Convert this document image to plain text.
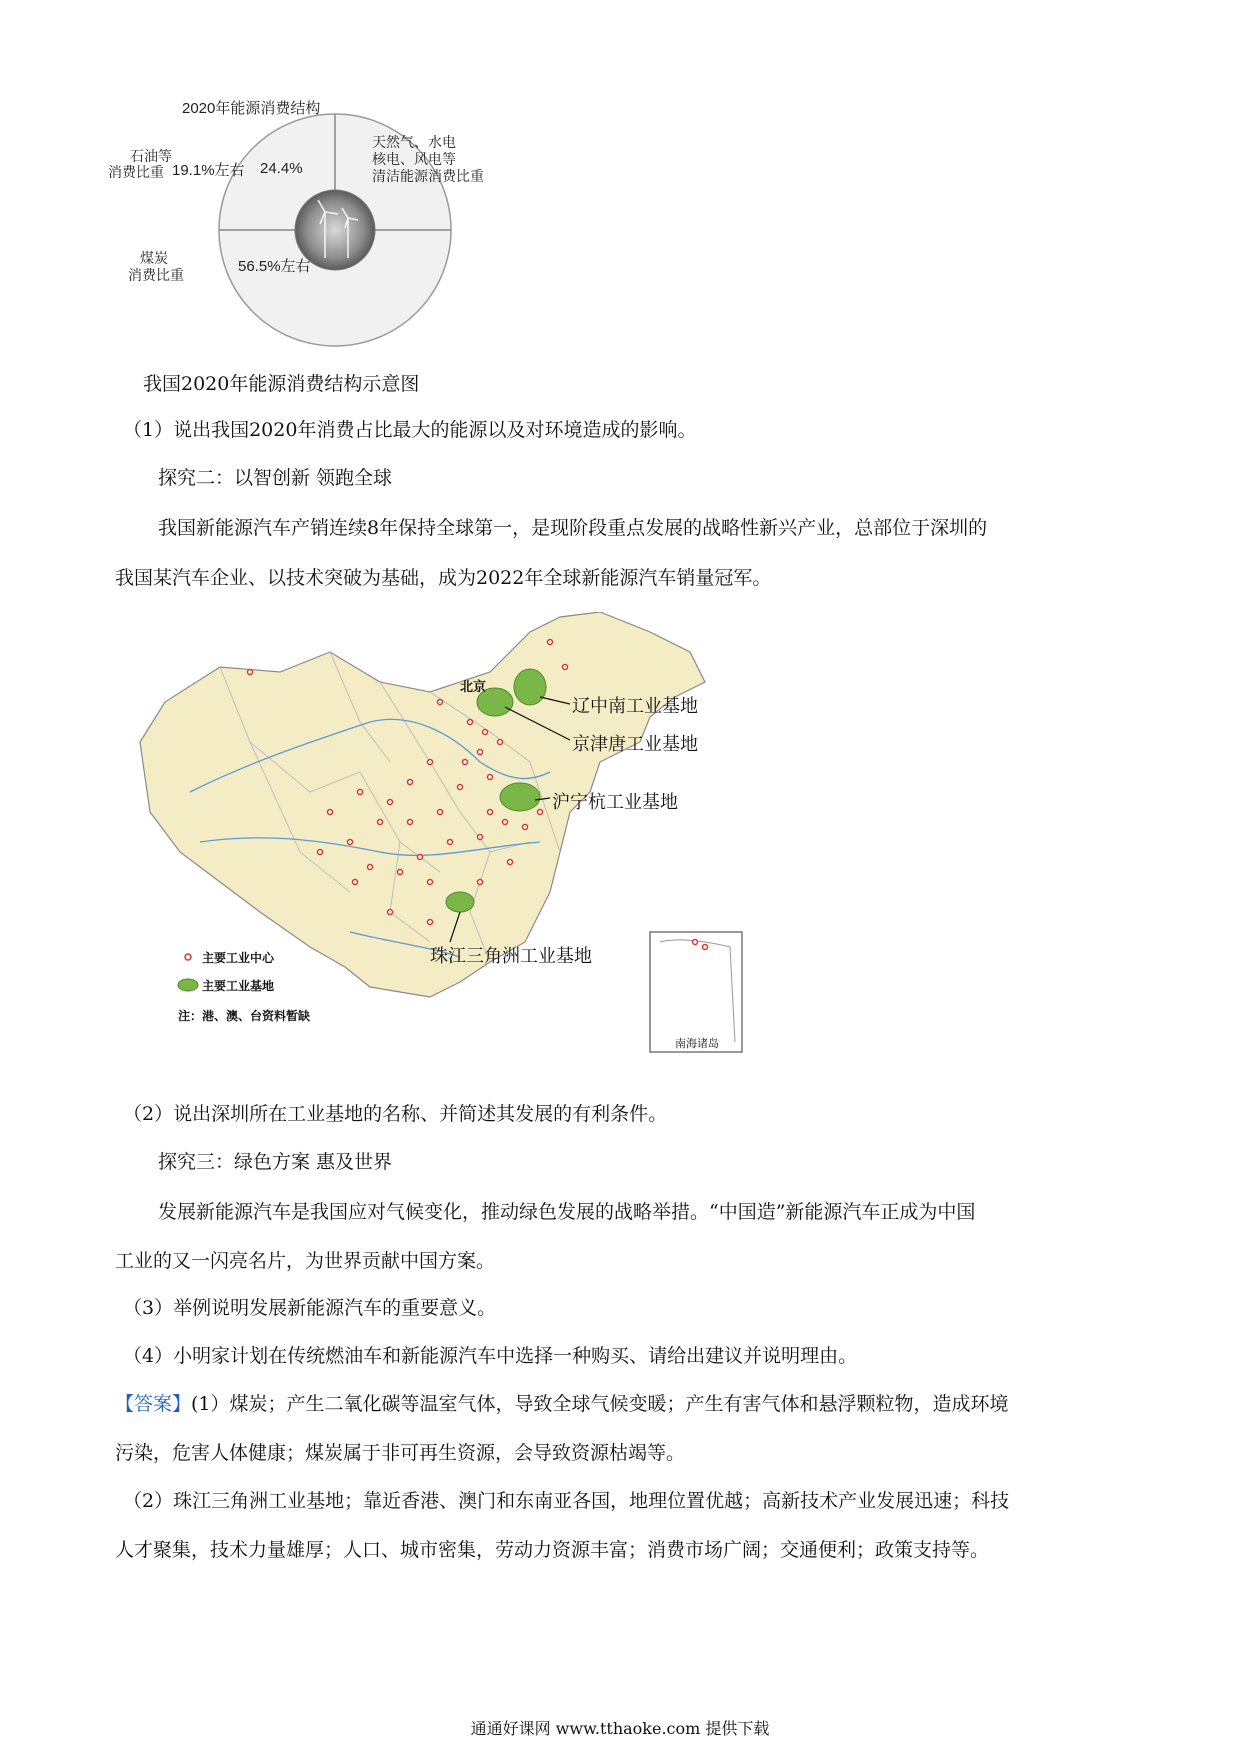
2020年能源消费结构
石油等
消费比重 19.1%左右 24.4%
天然气、水电
核电、风电等
清洁能源消费比重
煤炭
消费比重	56.5%左右
我国2020年能源消费结构示意图
（1）说出我国2020年消费占比最大的能源以及对环境造成的影响。
探究二：以智创新 领跑全球
我国新能源汽车产销连续8年保持全球第一，是现阶段重点发展的战略性新兴产业，总部位于深圳的
我国某汽车企业、以技术突破为基础，成为2022年全球新能源汽车销量冠军。
北京
辽中南工业基地
京津唐工业基地
沪宁杭工业基地
珠江三角洲工业基地
主要工业中心
主要工业基地
注：港、澳、台资料暂缺
南海诸岛
（2）说出深圳所在工业基地的名称、并简述其发展的有利条件。
探究三：绿色方案 惠及世界
发展新能源汽车是我国应对气候变化，推动绿色发展的战略举措。“中国造”新能源汽车正成为中国
工业的又一闪亮名片，为世界贡献中国方案。
（3）举例说明发展新能源汽车的重要意义。
（4）小明家计划在传统燃油车和新能源汽车中选择一种购买、请给出建议并说明理由。
【答案】(1）煤炭；产生二氧化碳等温室气体，导致全球气候变暖；产生有害气体和悬浮颗粒物，造成环境
污染，危害人体健康；煤炭属于非可再生资源，会导致资源枯竭等。
（2）珠江三角洲工业基地；靠近香港、澳门和东南亚各国，地理位置优越；高新技术产业发展迅速；科技
人才聚集，技术力量雄厚；人口、城市密集，劳动力资源丰富；消费市场广阔；交通便利；政策支持等。
通通好课网 www.tthaoke.com 提供下载
